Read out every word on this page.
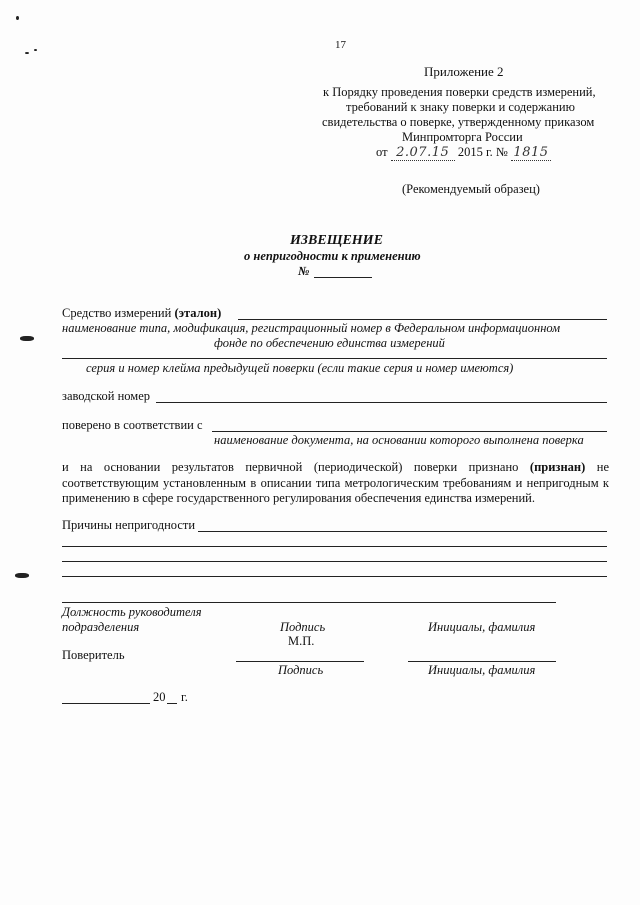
17
Приложение 2
к Порядку проведения поверки средств измерений,
требований к знаку поверки и содержанию
свидетельства о поверке, утвержденному приказом
Минпромторга России
от 2.07.15 2015 г. № 1815
(Рекомендуемый образец)
ИЗВЕЩЕНИЕ
о непригодности к применению
№
Средство измерений (эталон)
наименование типа, модификация, регистрационный номер в Федеральном информационном
фонде по обеспечению единства измерений
серия и номер клейма предыдущей поверки (если такие серия и номер имеются)
заводской номер
поверено в соответствии с
наименование документа, на основании которого выполнена поверка
и на основании результатов первичной (периодической) поверки признано (признан) не соответствующим установленным в описании типа метрологическим требованиям и непригодным к применению в сфере государственного регулирования обеспечения единства измерений.
Причины непригодности
Должность руководителя
подразделения	Подпись
М.П.
Инициалы, фамилия
Поверитель
Подпись	Инициалы, фамилия
20 г.
